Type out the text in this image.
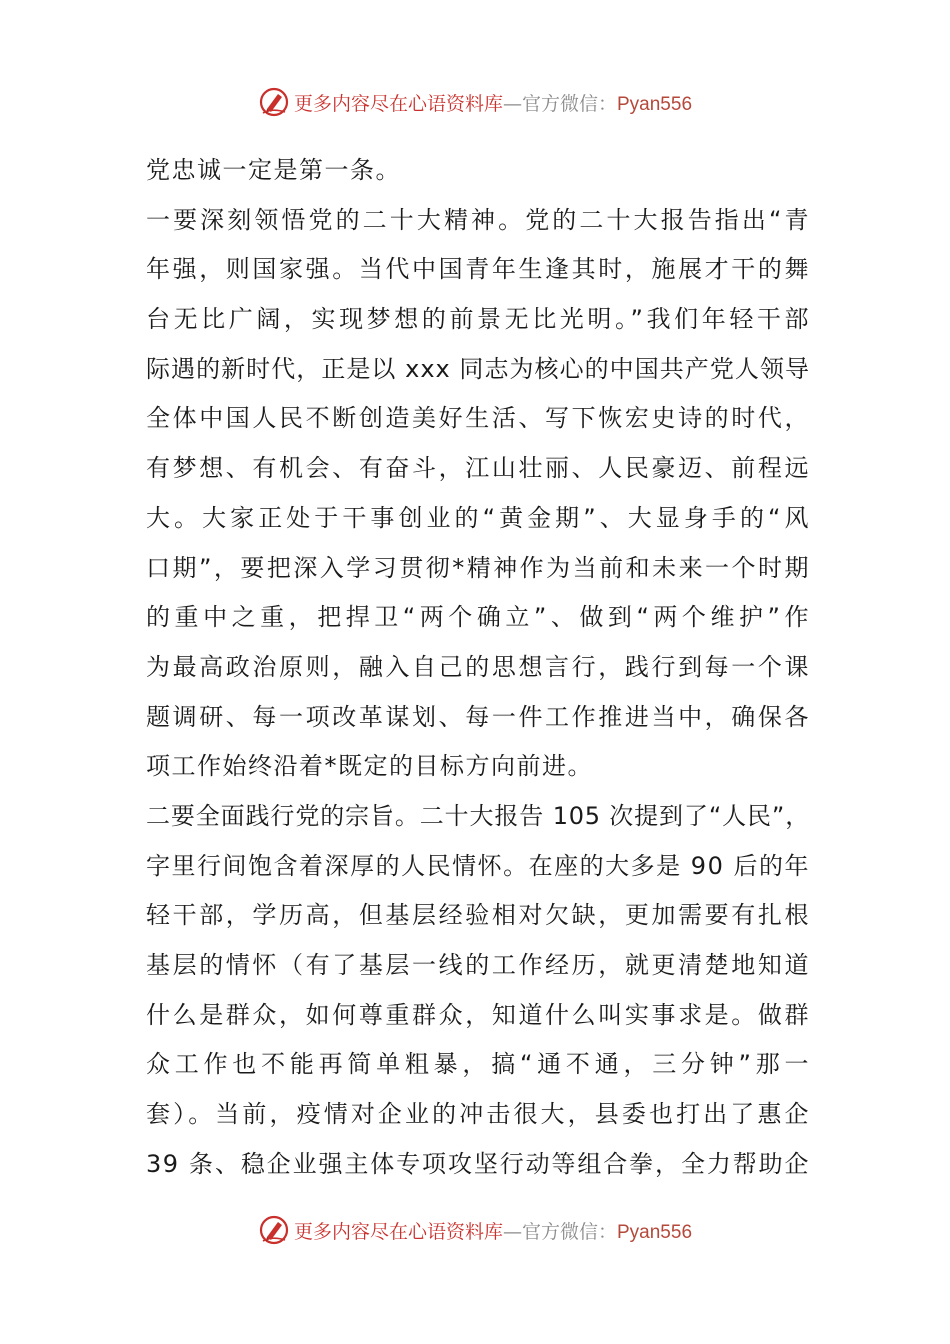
更多内容尽在心语资料库—官方微信：Pyan556
党忠诚一定是第一条。
一要深刻领悟党的二十大精神。党的二十大报告指出“青
年强，则国家强。当代中国青年生逢其时，施展才干的舞
台无比广阔，实现梦想的前景无比光明。”我们年轻干部
际遇的新时代，正是以 xxx 同志为核心的中国共产党人领导
全体中国人民不断创造美好生活、写下恢宏史诗的时代，
有梦想、有机会、有奋斗，江山壮丽、人民豪迈、前程远
大。大家正处于干事创业的“黄金期”、大显身手的“风
口期”，要把深入学习贯彻*精神作为当前和未来一个时期
的重中之重，把捍卫“两个确立”、做到“两个维护”作
为最高政治原则，融入自己的思想言行，践行到每一个课
题调研、每一项改革谋划、每一件工作推进当中，确保各
项工作始终沿着*既定的目标方向前进。
二要全面践行党的宗旨。二十大报告 105 次提到了“人民”，
字里行间饱含着深厚的人民情怀。在座的大多是 90 后的年
轻干部，学历高，但基层经验相对欠缺，更加需要有扎根
基层的情怀（有了基层一线的工作经历，就更清楚地知道
什么是群众，如何尊重群众，知道什么叫实事求是。做群
众工作也不能再简单粗暴，搞“通不通，三分钟”那一
套）。当前，疫情对企业的冲击很大，县委也打出了惠企
39 条、稳企业强主体专项攻坚行动等组合拳，全力帮助企
更多内容尽在心语资料库—官方微信：Pyan556
